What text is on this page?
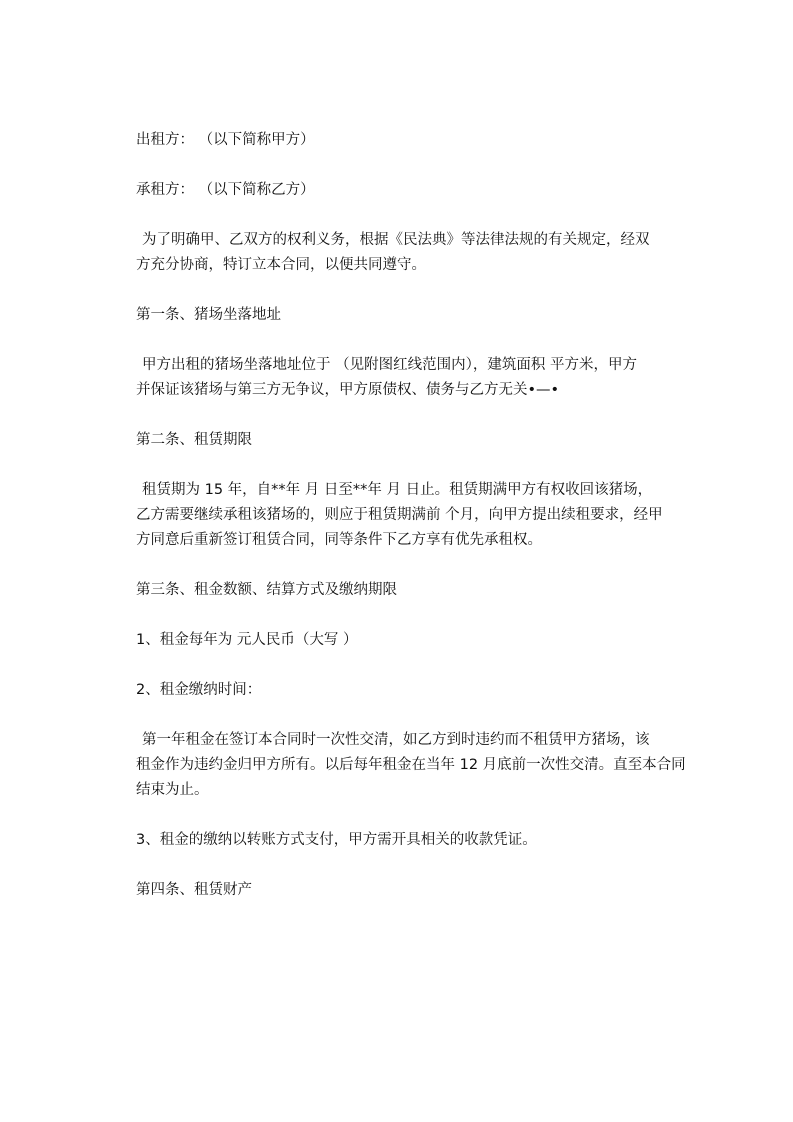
出租方： （以下简称甲方）

承租方： （以下简称乙方）

为了明确甲、乙双方的权利义务，根据《民法典》等法律法规的有关规定，经双
方充分协商，特订立本合同，以便共同遵守。

第一条、猪场坐落地址

甲方出租的猪场坐落地址位于 （见附图红线范围内），建筑面积 平方米，甲方
并保证该猪场与第三方无争议，甲方原债权、债务与乙方无关•—•

第二条、租赁期限

租赁期为 15 年，自**年 月 日至**年 月 日止。租赁期满甲方有权收回该猪场，
乙方需要继续承租该猪场的，则应于租赁期满前 个月，向甲方提出续租要求，经甲
方同意后重新签订租赁合同，同等条件下乙方享有优先承租权。

第三条、租金数额、结算方式及缴纳期限

1、租金每年为 元人民币（大写 ）

2、租金缴纳时间：

第一年租金在签订本合同时一次性交清，如乙方到时违约而不租赁甲方猪场，该
租金作为违约金归甲方所有。以后每年租金在当年 12 月底前一次性交清。直至本合同
结束为止。

3、租金的缴纳以转账方式支付，甲方需开具相关的收款凭证。

第四条、租赁财产
